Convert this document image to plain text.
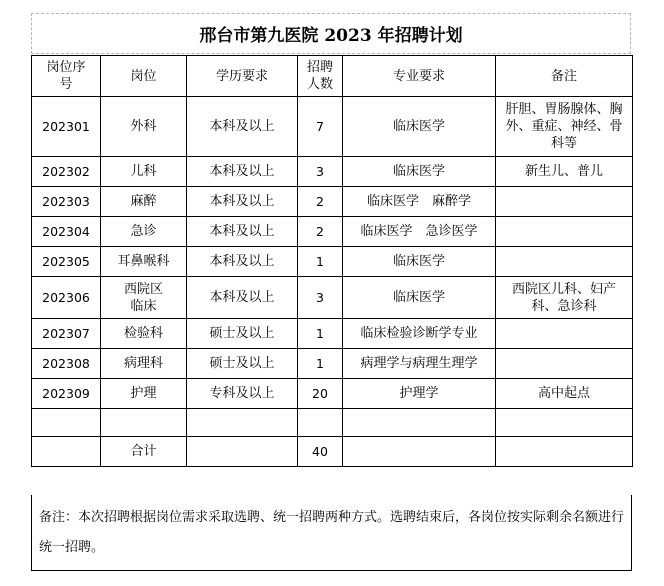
邢台市第九医院 2023 年招聘计划
岗位序号	岗位	学历要求	招聘人数	专业要求	备注
202301	外科	本科及以上	7	临床医学	肝胆、胃肠腺体、胸外、重症、神经、骨科等
202302	儿科	本科及以上	3	临床医学	新生儿、普儿
202303	麻醉	本科及以上	2	临床医学　麻醉学	
202304	急诊	本科及以上	2	临床医学　急诊医学	
202305	耳鼻喉科	本科及以上	1	临床医学	
202306	西院区临床	本科及以上	3	临床医学	西院区儿科、妇产科、急诊科
202307	检验科	硕士及以上	1	临床检验诊断学专业	
202308	病理科	硕士及以上	1	病理学与病理生理学	
202309	护理	专科及以上	20	护理学	高中起点

	合计		40		
备注：本次招聘根据岗位需求采取选聘、统一招聘两种方式。选聘结束后，各岗位按实际剩余名额进行统一招聘。
